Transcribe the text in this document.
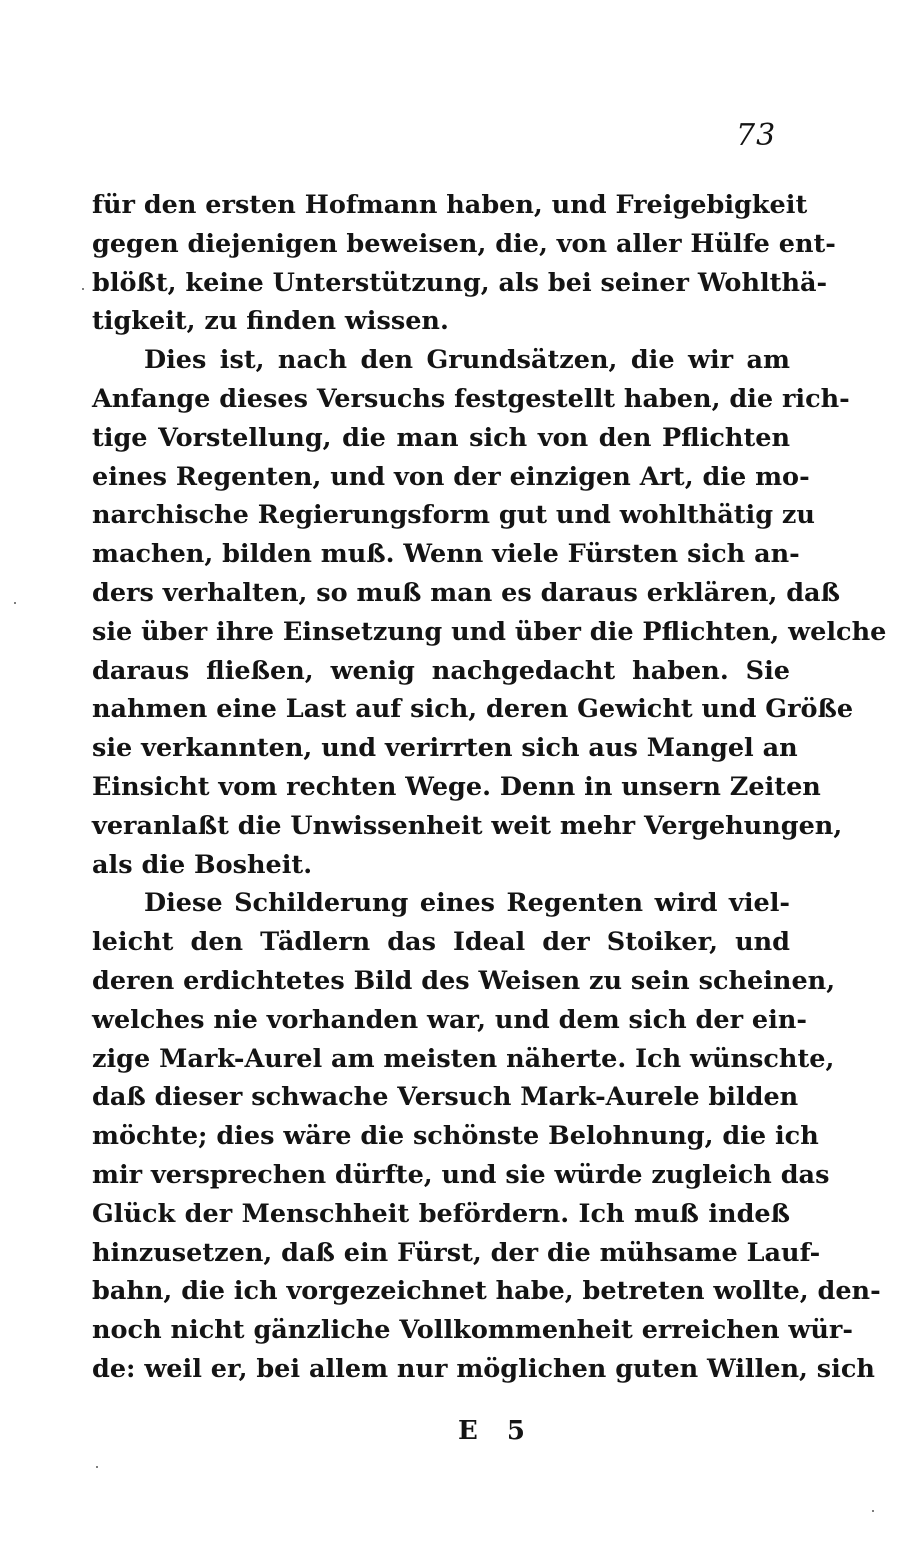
73
für den ersten Hofmann haben, und Freigebigkeit
gegen diejenigen beweisen, die, von aller Hülfe ent-
blößt, keine Unterstützung, als bei seiner Wohlthä-
tigkeit, zu finden wissen.
Dies ist, nach den Grundsätzen, die wir am
Anfange dieses Versuchs festgestellt haben, die rich-
tige Vorstellung, die man sich von den Pflichten
eines Regenten, und von der einzigen Art, die mo-
narchische Regierungsform gut und wohlthätig zu
machen, bilden muß. Wenn viele Fürsten sich an-
ders verhalten, so muß man es daraus erklären, daß
sie über ihre Einsetzung und über die Pflichten, welche
daraus fließen, wenig nachgedacht haben. Sie
nahmen eine Last auf sich, deren Gewicht und Größe
sie verkannten, und verirrten sich aus Mangel an
Einsicht vom rechten Wege. Denn in unsern Zeiten
veranlaßt die Unwissenheit weit mehr Vergehungen,
als die Bosheit.
Diese Schilderung eines Regenten wird viel-
leicht den Tädlern das Ideal der Stoiker, und
deren erdichtetes Bild des Weisen zu sein scheinen,
welches nie vorhanden war, und dem sich der ein-
zige Mark-Aurel am meisten näherte. Ich wünschte,
daß dieser schwache Versuch Mark-Aurele bilden
möchte; dies wäre die schönste Belohnung, die ich
mir versprechen dürfte, und sie würde zugleich das
Glück der Menschheit befördern. Ich muß indeß
hinzusetzen, daß ein Fürst, der die mühsame Lauf-
bahn, die ich vorgezeichnet habe, betreten wollte, den-
noch nicht gänzliche Vollkommenheit erreichen wür-
de: weil er, bei allem nur möglichen guten Willen, sich
E 5
